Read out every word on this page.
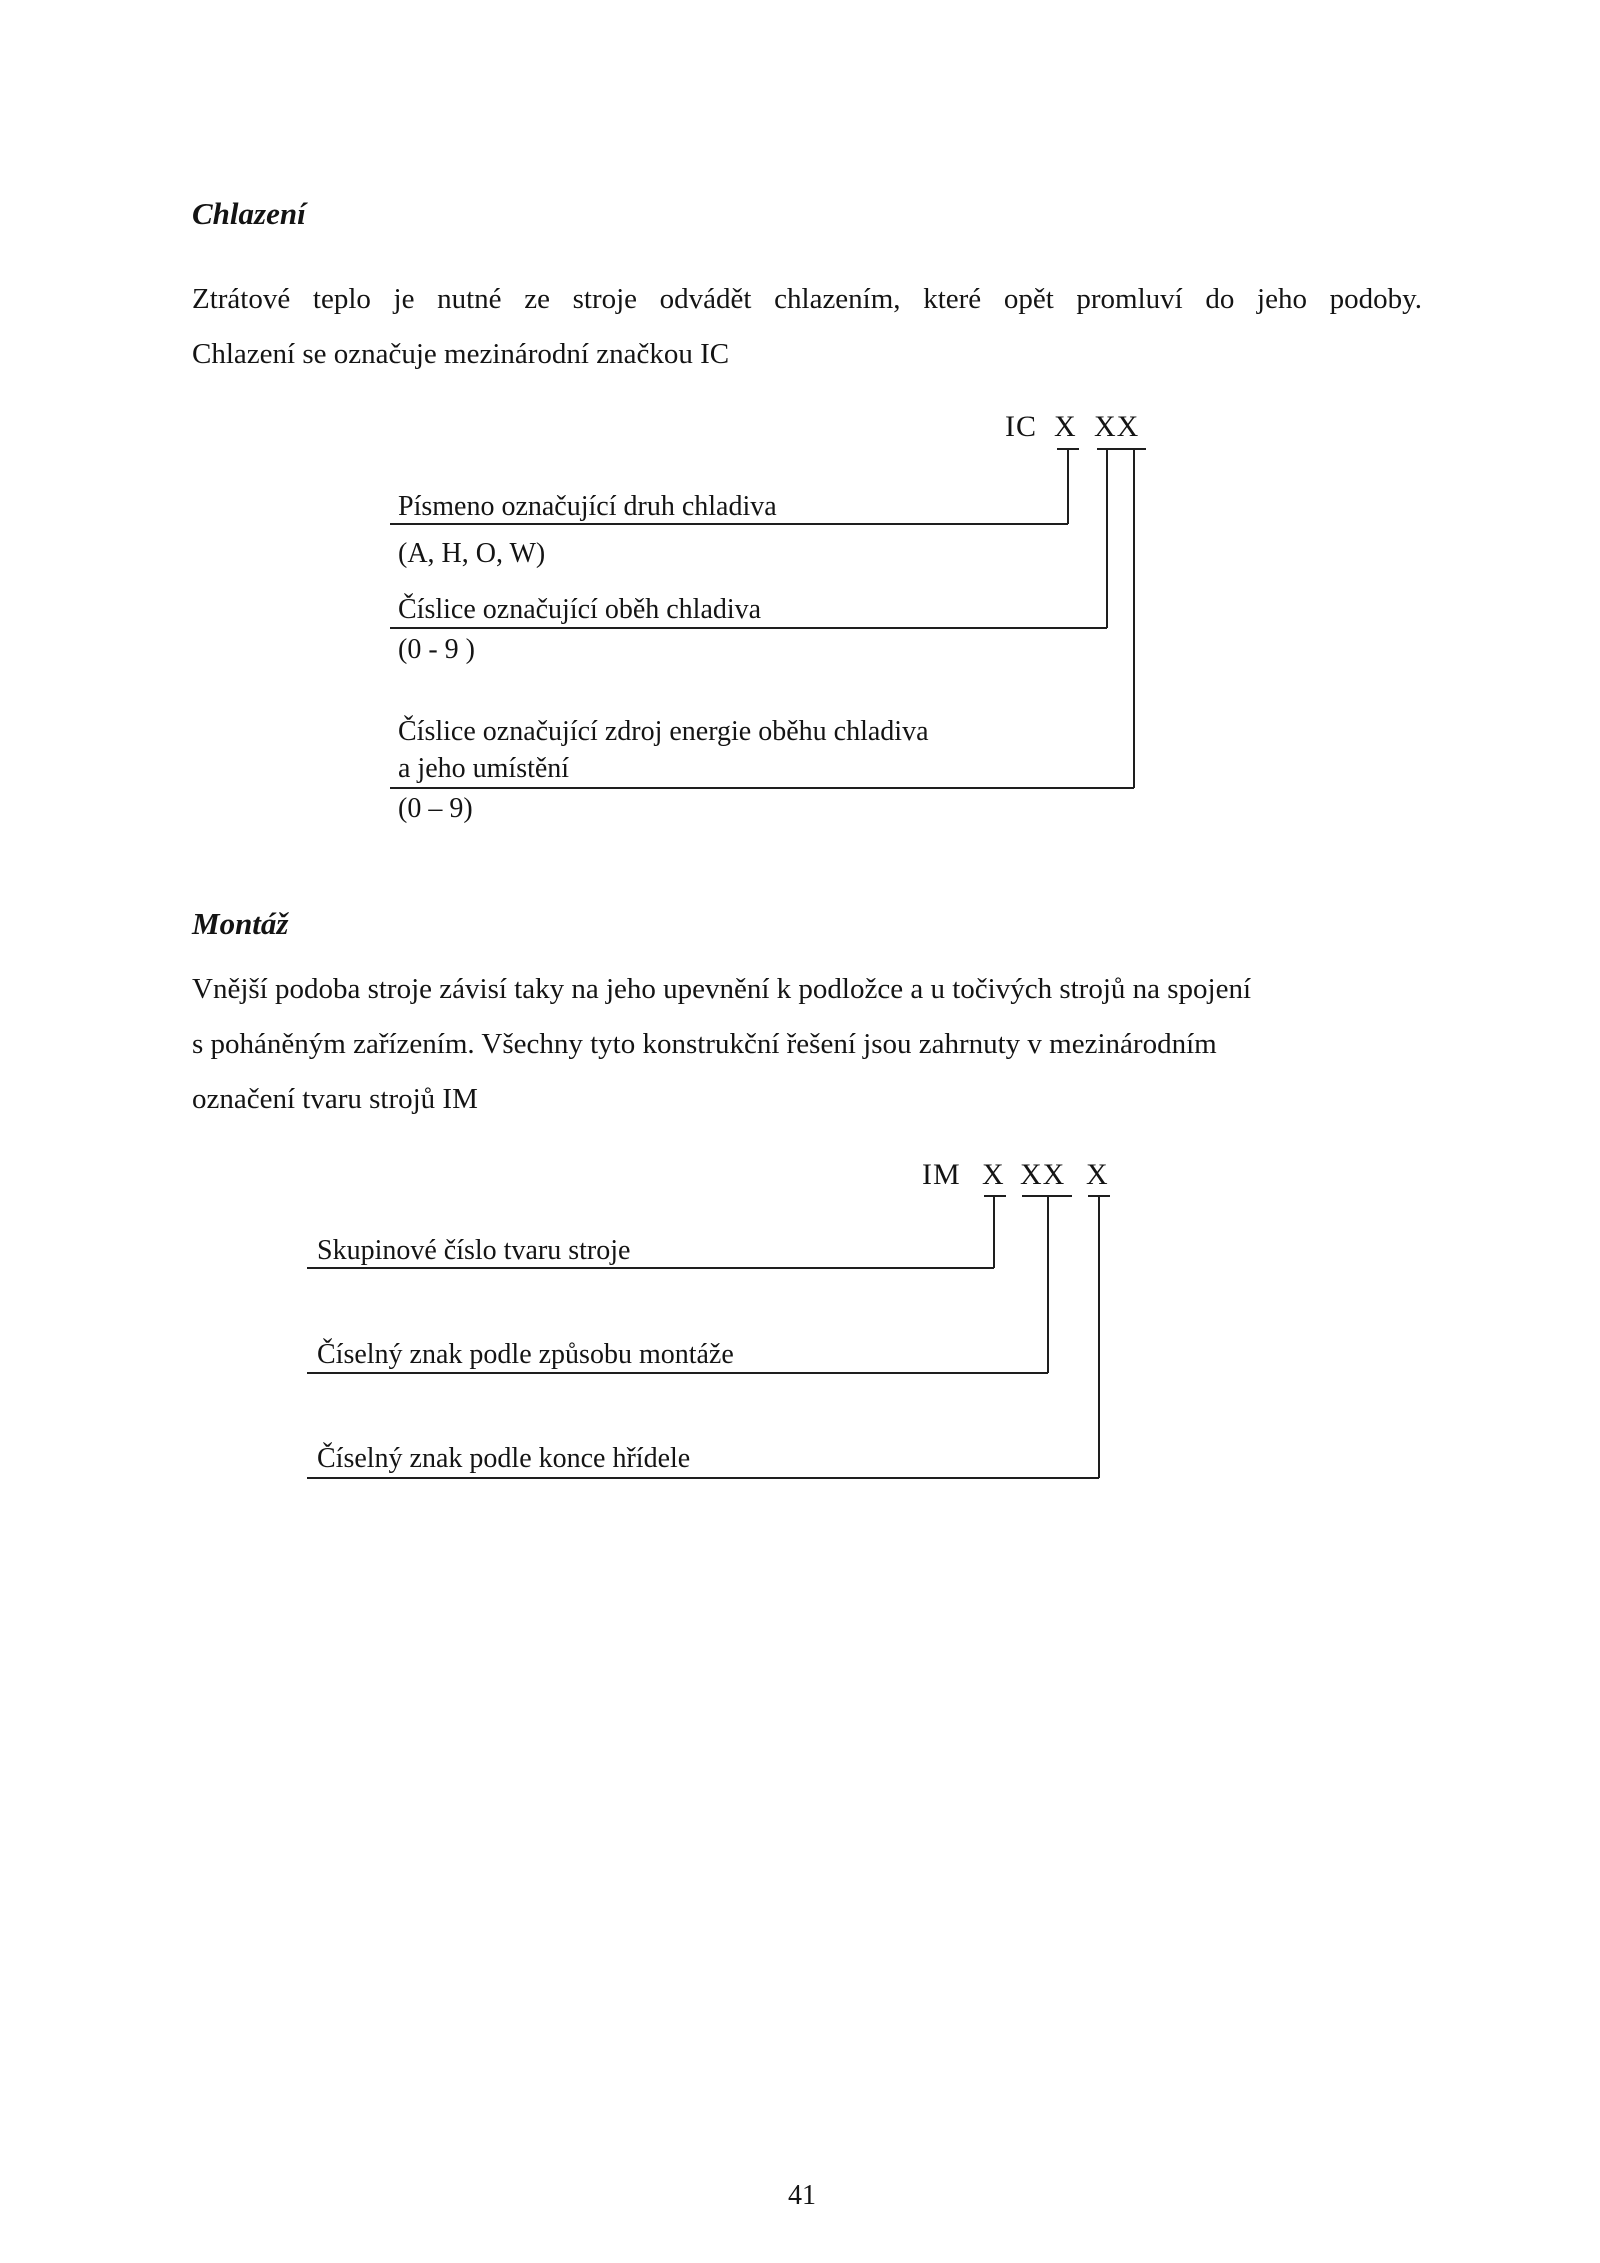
Chlazení
Ztrátové teplo je nutné ze stroje odvádět chlazením, které opět promluví do jeho podoby.
Chlazení se označuje mezinárodní značkou IC
IC X XX
Písmeno označující druh chladiva
(A, H, O, W)
Číslice označující oběh chladiva
(0 - 9 )
Číslice označující zdroj energie oběhu chladiva
a jeho umístění
(0 – 9)
Montáž
Vnější podoba stroje závisí taky na jeho upevnění k podložce a u točivých strojů na spojení
s poháněným zařízením. Všechny tyto konstrukční řešení jsou zahrnuty v mezinárodním
označení tvaru strojů IM
IM X XX X
Skupinové číslo tvaru stroje
Číselný znak podle způsobu montáže
Číselný znak podle konce hřídele
41
